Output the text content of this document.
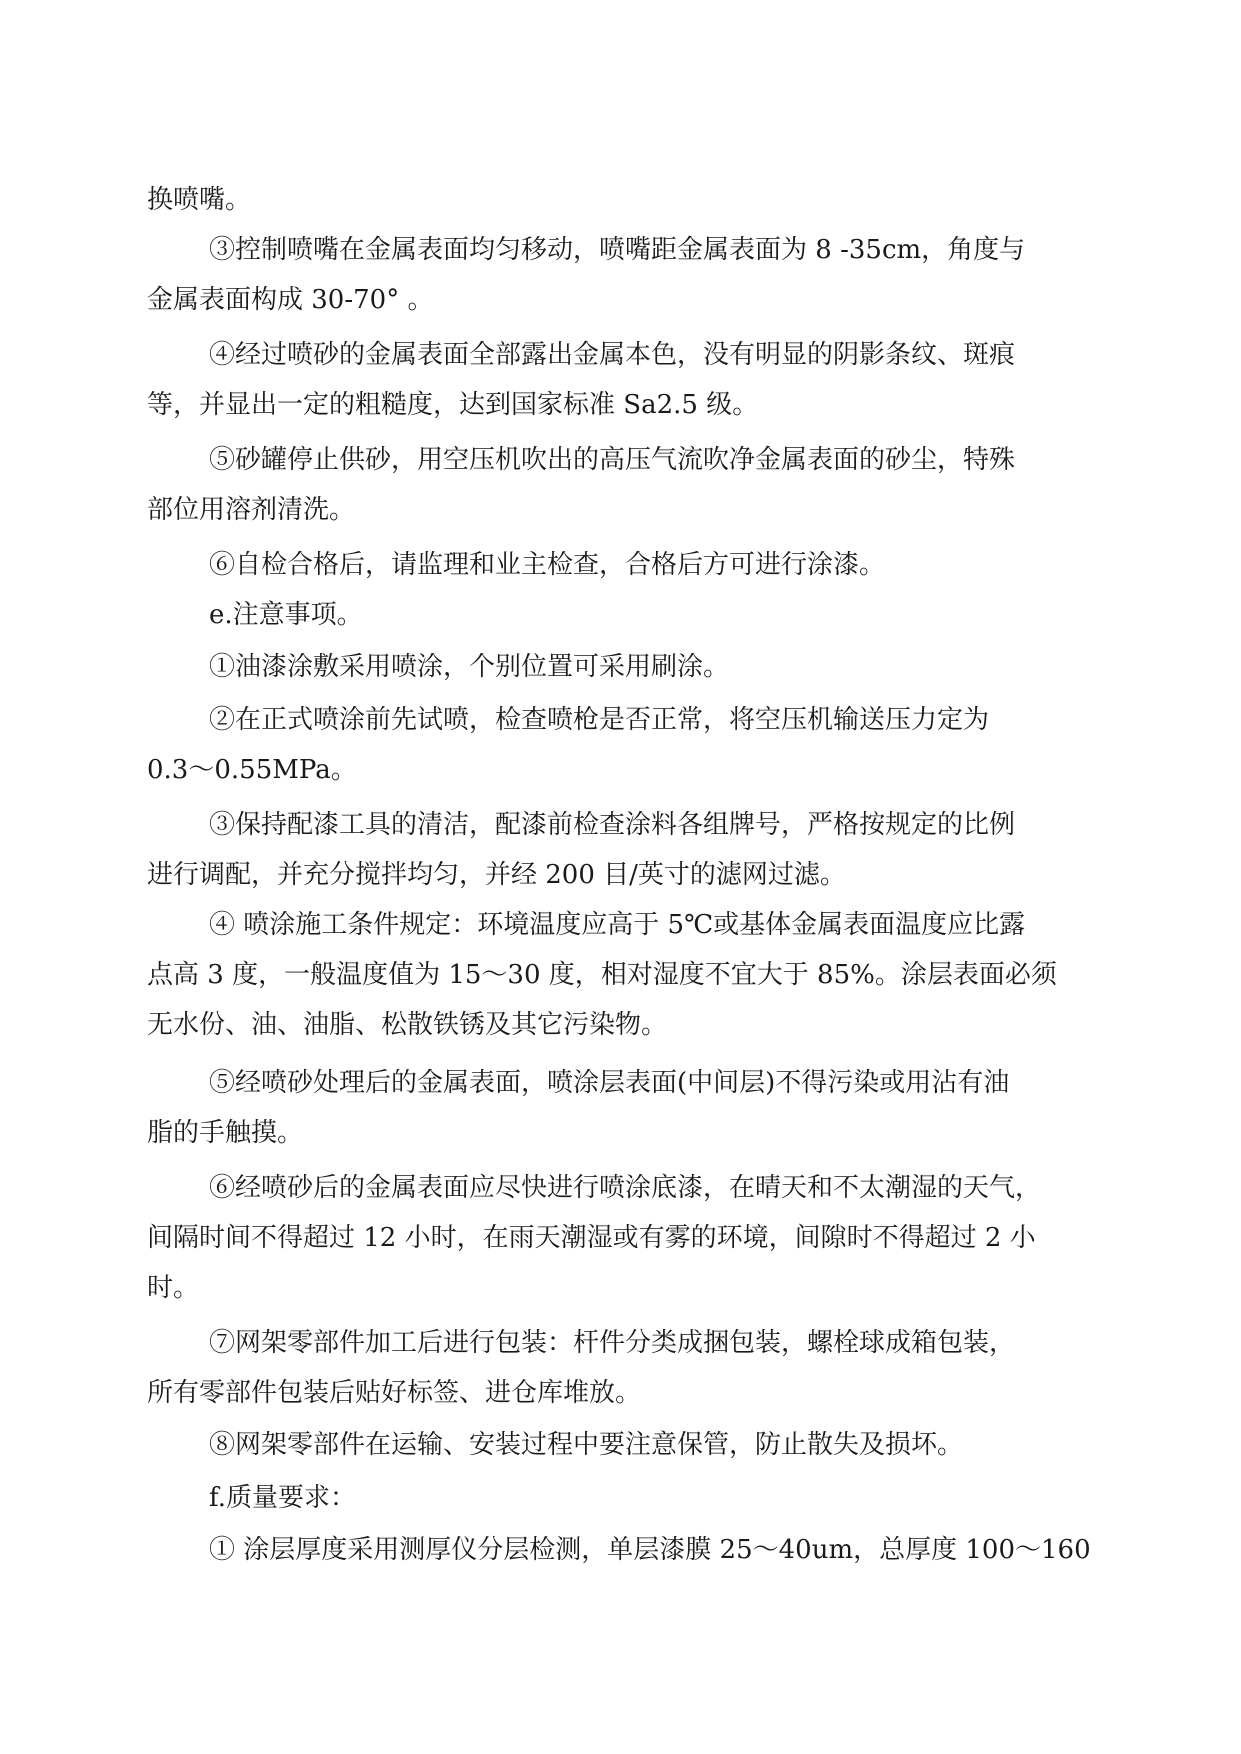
换喷嘴。
③控制喷嘴在金属表面均匀移动，喷嘴距金属表面为 8 -35cm，角度与
金属表面构成 30-70° 。
④经过喷砂的金属表面全部露出金属本色，没有明显的阴影条纹、斑痕
等，并显出一定的粗糙度，达到国家标准 Sa2.5 级。
⑤砂罐停止供砂，用空压机吹出的高压气流吹净金属表面的砂尘，特殊
部位用溶剂清洗。
⑥自检合格后，请监理和业主检查，合格后方可进行涂漆。
e.注意事项。
①油漆涂敷采用喷涂，个别位置可采用刷涂。
②在正式喷涂前先试喷，检查喷枪是否正常，将空压机输送压力定为
0.3～0.55MPa。
③保持配漆工具的清洁，配漆前检查涂料各组牌号，严格按规定的比例
进行调配，并充分搅拌均匀，并经 200 目/英寸的滤网过滤。
④ 喷涂施工条件规定：环境温度应高于 5℃或基体金属表面温度应比露
点高 3 度，一般温度值为 15～30 度，相对湿度不宜大于 85%。涂层表面必须
无水份、油、油脂、松散铁锈及其它污染物。
⑤经喷砂处理后的金属表面，喷涂层表面(中间层)不得污染或用沾有油
脂的手触摸。
⑥经喷砂后的金属表面应尽快进行喷涂底漆，在晴天和不太潮湿的天气，
间隔时间不得超过 12 小时，在雨天潮湿或有雾的环境，间隙时不得超过 2 小
时。
⑦网架零部件加工后进行包装：杆件分类成捆包装，螺栓球成箱包装，
所有零部件包装后贴好标签、进仓库堆放。
⑧网架零部件在运输、安装过程中要注意保管，防止散失及损坏。
f.质量要求：
① 涂层厚度采用测厚仪分层检测，单层漆膜 25～40um，总厚度 100～160
